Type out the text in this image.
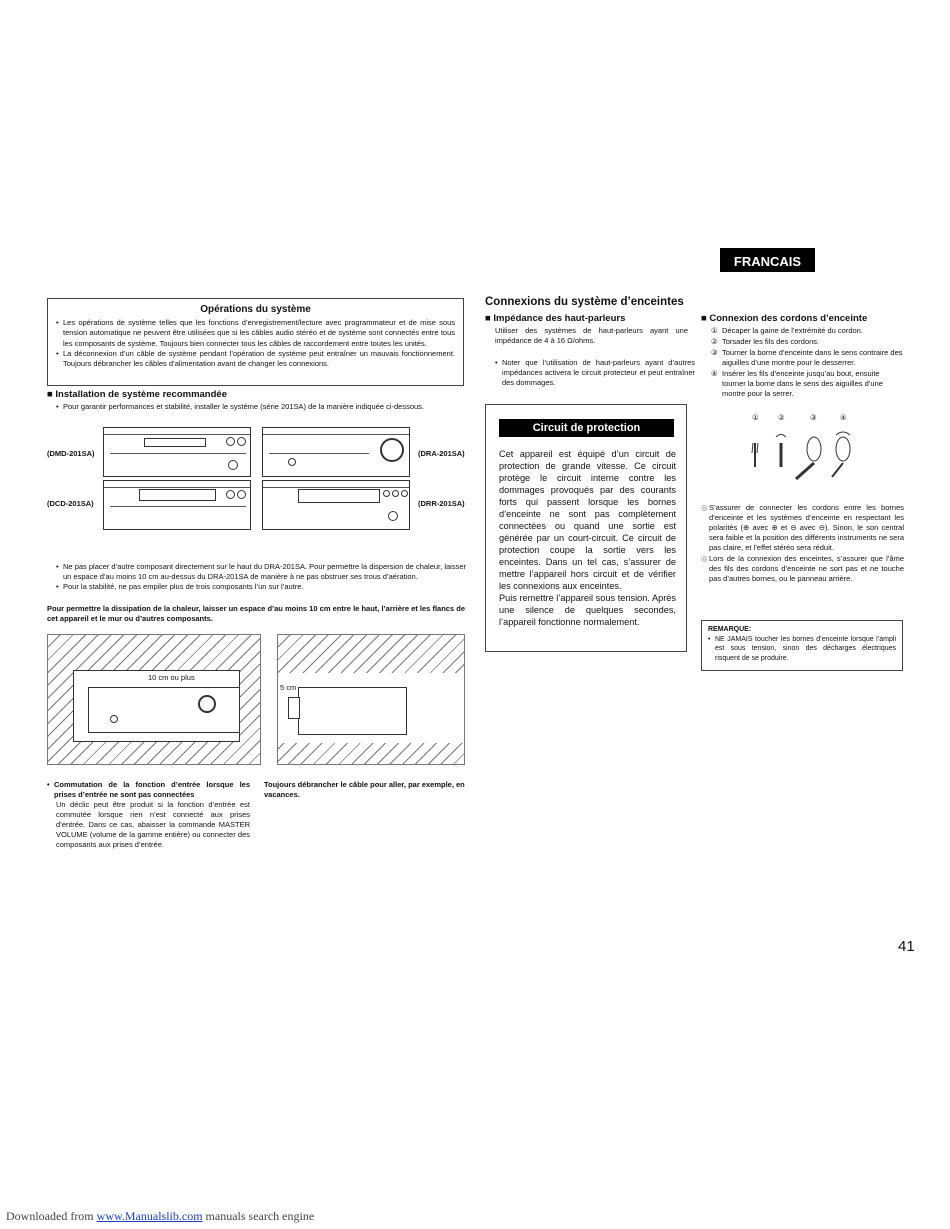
FRANCAIS
Opérations du système
• Les opérations de système telles que les fonctions d’enregistrement/lecture avec programmateur et de mise sous tension automatique ne peuvent être utilisées que si les câbles audio stéréo et de système sont connectés entre tous les composants de système. Toujours bien connecter tous les câbles de raccordement entre toutes les unités.
• La déconnexion d’un câble de système pendant l’opération de système peut entraîner un mauvais fonctionnement. Toujours débrancher les câbles d’alimentation avant de changer les connexions.
■ Installation de système recommandée
• Pour garantir performances et stabilité, installer le système (série 201SA) de la manière indiquée ci-dessous.
(DMD-201SA)
(DCD-201SA)
(DRA-201SA)
(DRR-201SA)
• Ne pas placer d’autre composant directement sur le haut du DRA-201SA. Pour permettre la dispersion de chaleur, laisser un espace d’au moins 10 cm au-dessus du DRA-201SA de manière à ne pas obstruer ses trous d’aération.
• Pour la stabilité, ne pas empiler plus de trois composants l’un sur l’autre.
Pour permettre la dissipation de la chaleur, laisser un espace d’au moins 10 cm entre le haut, l’arrière et les flancs de cet appareil et le mur ou d’autres composants.
10 cm ou plus
5 cm
• Commutation de la fonction d’entrée lorsque les prises d’entrée ne sont pas connectées
Un déclic peut être produit si la fonction d’entrée est commutée lorsque rien n’est connecté aux prises d’entrée. Dans ce cas, abaisser la commande MASTER VOLUME (volume de la gamme entière) ou connecter des composants aux prises d’entrée.
Toujours débrancher le câble pour aller, par exemple, en vacances.
Connexions du système d’enceintes
■ Impédance des haut-parleurs
Utiliser des systèmes de haut-parleurs ayant une impédance de 4 à 16 Ω/ohms.
• Noter que l’utilisation de haut-parleurs ayant d’autres impédances activera le circuit protecteur et peut entraîner des dommages.
Circuit de protection
Cet appareil est équipé d’un circuit de protection de grande vitesse. Ce circuit protège le circuit interne contre les dommages provoqués par des courants forts qui passent lorsque les bornes d’enceinte ne sont pas complètement connectées ou quand une sortie est générée par un court-circuit. Ce circuit de protection coupe la sortie vers les enceintes. Dans un tel cas, s’assurer de mettre l’appareil hors circuit et de vérifier les connexions aux enceintes.
Puis remettre l’appareil sous tension. Après une silence de quelques secondes, l’appareil fonctionne normalement.
■ Connexion des cordons d’enceinte
① Décaper la gaine de l’extrémité du cordon.
② Torsader les fils des cordons.
③ Tourner la borne d’enceinte dans le sens contraire des aiguilles d’une montre pour le desserrer.
④ Insérer les fils d’enceinte jusqu’au bout, ensuite tourner la borne dans le sens des aiguilles d’une montre pour la serrer.
①	②	③	④
◎ S’assurer de connecter les cordons entre les bornes d’enceinte et les systèmes d’enceinte en respectant les polarités (⊕ avec ⊕ et ⊖ avec ⊖). Sinon, le son central sera faible et la position des différents instruments ne sera pas claire, et l’effet stéréo sera réduit.
◎ Lors de la connexion des enceintes, s’assurer que l’âme des fils des cordons d’enceinte ne sort pas et ne touche pas d’autres bornes, ou le panneau arrière.
REMARQUE:
• NE JAMAIS toucher les bornes d’enceinte lorsque l’ampli est sous tension, sinon des décharges électriques risquent de se produire.
41
Downloaded from www.Manualslib.com manuals search engine
